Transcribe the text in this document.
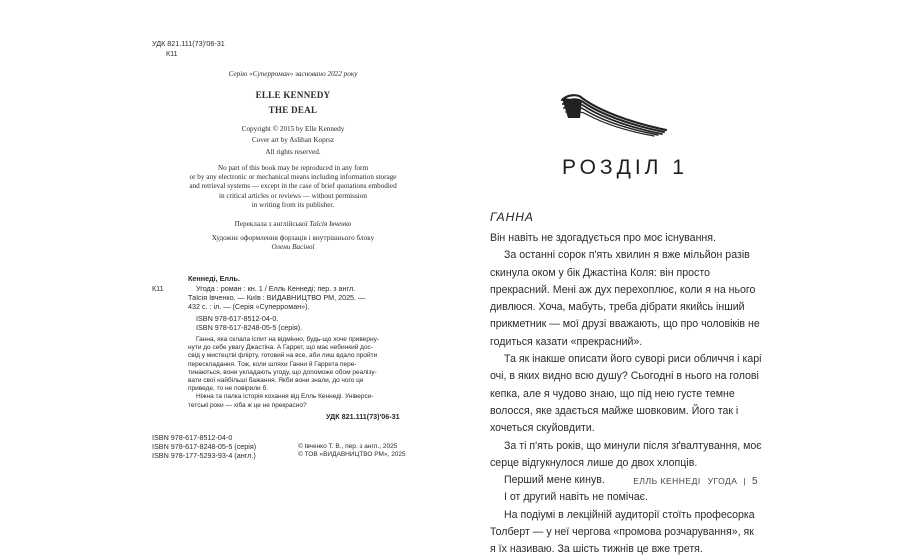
УДК 821.111(73)'06-31
К11
Серію «Суперроман» засновано 2022 року
ELLE KENNEDY
THE DEAL
Copyright © 2015 by Elle Kennedy
Cover art by Aslihan Koprsz
All rights reserved.
No part of this book may be reproduced in any form
or by any electronic or mechanical means including information storage
and retrieval systems — except in the case of brief quotations embodied
in critical articles or reviews — without permission
in writing from its publisher.
Переклала з англійської Таїсія Івченко
Художнє оформлення форзаців і внутрішнього блоку
Олени Васіної
Кеннеді, Елль.
К11	Угода : роман : кн. 1 / Елль Кеннеді; пер. з англ.
Таїсія Івченко. — Київ : ВИДАВНИЦТВО РМ, 2025. —
432 с. : іл. — (Серія «Суперроман»).
ISBN 978-617-8512-04-0.
ISBN 978-617-8248-05-5 (серія).
Ганна, яка склала іспит на відмінно, будь-що хоче приверну-
нути до себе увагу Джастіна. А Гаррет, що має небинкий дос-
свід у мистецтві фліpту, готовий на все, аби лиш вдало пройти
перескладання. Тож, коли шляхи Ганни й Гаррета пере-
тинаються, вони укладають угоду, що допоможе обом реалізу-
вати свої найбільші бажання. Якби вони знали, до чого це
приведе, то не повірили б.
Ніжна та палка історія кохання від Елль Кеннеді. Універси-
тетські роки — хіба ж це не прекрасно?
УДК 821.111(73)'06-31
ISBN 978-617-8512-04-0
ISBN 978-617-8248-05-5 (серія)
ISBN 978-177-5293-93-4 (англ.)
© Івченко Т. В., пер. з англ., 2025
© ТОВ «ВИДАВНИЦТВО РМ», 2025
РОЗДІЛ 1
ГАННА

Він навіть не здогадується про моє існування.

За останні сорок п'ять хвилин я вже мільйон разів скинула оком у бік Джастіна Коля: він просто прекрасний. Мені аж дух перехоплює, коли я на нього дивлюся. Хоча, мабуть, треба дібрати якийсь інший прикметник — мої друзі вважають, що про чоловіків не годиться казати «прекрасний».

Та як інакше описати його суворі риси обличчя і карі очі, в яких видно всю душу? Сьогодні в нього на голові кепка, але я чудово знаю, що під нею густе темне волосся, яке здається майже шовковим. Його так і хочеться скуйовдити.

За ті п'ять років, що минули після зґвалтування, моє серце відгукнулося лише до двох хлопців.

Перший мене кинув.

І от другий навіть не помічає.

На подіумі в лекційній аудиторії стоїть професорка Толберт — у неї чергова «промова розчарування», як я їх називаю. За шість тижнів це вже третя.

ЕЛЛЬ КЕННЕДІ УГОДА | 5
